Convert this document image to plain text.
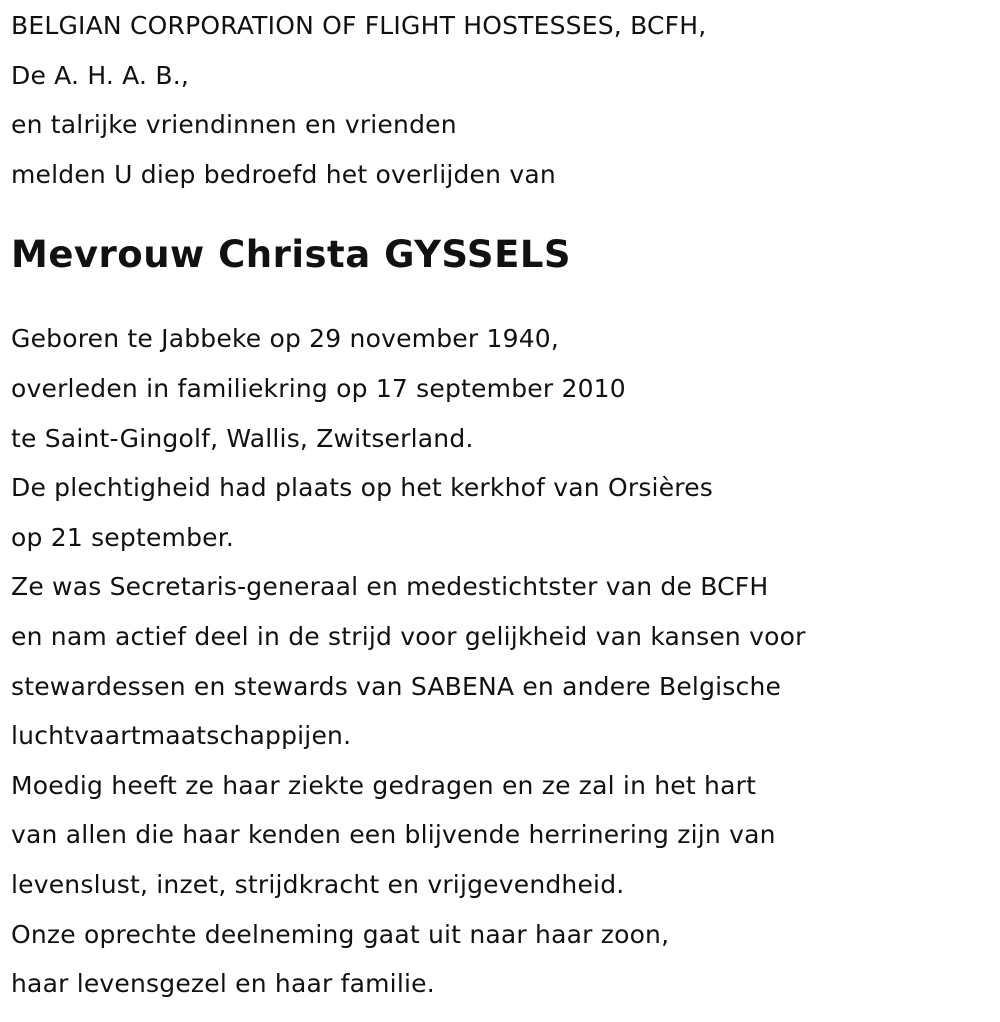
BELGIAN CORPORATION OF FLIGHT HOSTESSES, BCFH,
De A. H. A. B.,
en talrijke vriendinnen en vrienden
melden U diep bedroefd het overlijden van
Mevrouw Christa GYSSELS
Geboren te Jabbeke op 29 november 1940,
overleden in familiekring op 17 september 2010
te Saint-Gingolf, Wallis, Zwitserland.
De plechtigheid had plaats op het kerkhof van Orsières
op 21 september.
Ze was Secretaris-generaal en medestichtster van de BCFH
en nam actief deel in de strijd voor gelijkheid van kansen voor
stewardessen en stewards van SABENA en andere Belgische
luchtvaartmaatschappijen.
Moedig heeft ze haar ziekte gedragen en ze zal in het hart
van allen die haar kenden een blijvende herrinering zijn van
levenslust, inzet, strijdkracht en vrijgevendheid.
Onze oprechte deelneming gaat uit naar haar zoon,
haar levensgezel en haar familie.
